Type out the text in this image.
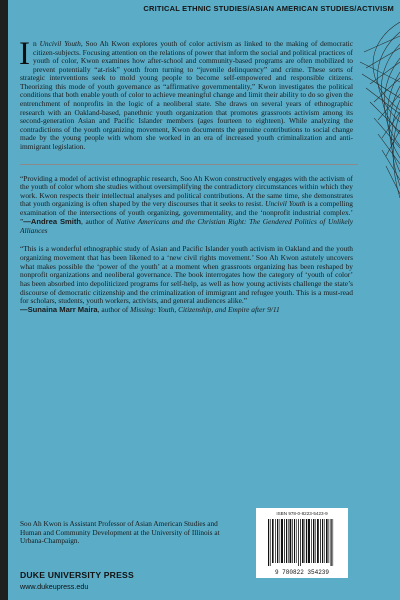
CRITICAL ETHNIC STUDIES/ASIAN AMERICAN STUDIES/ACTIVISM

In Uncivil Youth, Soo Ah Kwon explores youth of color activism as linked to the making of democratic citizen-subjects. Focusing attention on the relations of power that inform the social and political practices of youth of color, Kwon examines how after-school and community-based programs are often mobilized to prevent potentially “at-risk” youth from turning to “juvenile delinquency” and crime. These sorts of strategic interventions seek to mold young people to become self-empowered and responsible citizens. Theorizing this mode of youth governance as “affirmative governmentality,” Kwon investigates the political conditions that both enable youth of color to achieve meaningful change and limit their ability to do so given the entrenchment of nonprofits in the logic of a neoliberal state. She draws on several years of ethnographic research with an Oakland-based, panethnic youth organization that promotes grassroots activism among its second-generation Asian and Pacific Islander members (ages fourteen to eighteen). While analyzing the contradictions of the youth organizing movement, Kwon documents the genuine contributions to social change made by the young people with whom she worked in an era of increased youth criminalization and anti-immigrant legislation.

“Providing a model of activist ethnographic research, Soo Ah Kwon constructively engages with the activism of the youth of color whom she studies without oversimplifying the contradictory circumstances within which they work. Kwon respects their intellectual analyses and political contributions. At the same time, she demonstrates that youth organizing is often shaped by the very discourses that it seeks to resist. Uncivil Youth is a compelling examination of the intersections of youth organizing, governmentality, and the ‘nonprofit industrial complex.’ ”—Andrea Smith, author of Native Americans and the Christian Right: The Gendered Politics of Unlikely Alliances

“This is a wonderful ethnographic study of Asian and Pacific Islander youth activism in Oakland and the youth organizing movement that has been likened to a ‘new civil rights movement.’ Soo Ah Kwon astutely uncovers what makes possible the ‘power of the youth’ at a moment when grassroots organizing has been reshaped by nonprofit organizations and neoliberal governance. The book interrogates how the category of ‘youth of color’ has been absorbed into depoliticized programs for self-help, as well as how young activists challenge the state’s discourse of democratic citizenship and the criminalization of immigrant and refugee youth. This is a must-read for scholars, students, youth workers, activists, and general audiences alike.”
—Sunaina Marr Maira, author of Missing: Youth, Citizenship, and Empire after 9/11

Soo Ah Kwon is Assistant Professor of Asian American Studies and Human and Community Development at the University of Illinois at Urbana-Champaign.
ISBN 978-0-8223-5423-9
9 780822 354239
DUKE UNIVERSITY PRESS
www.dukeupress.edu
